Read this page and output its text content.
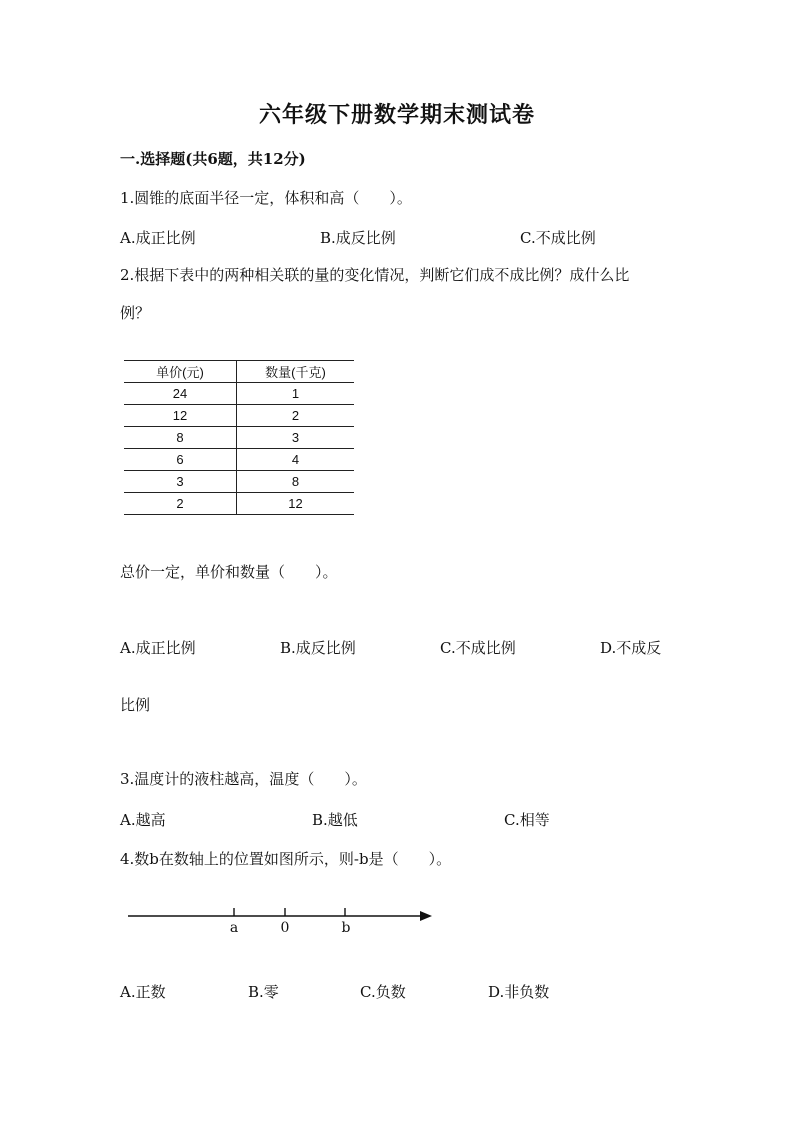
六年级下册数学期末测试卷
一.选择题(共6题，共12分)
1.圆锥的底面半径一定，体积和高（　　）。
A.成正比例	B.成反比例	C.不成比例
2.根据下表中的两种相关联的量的变化情况，判断它们成不成比例？成什么比
例？
单价(元)	数量(千克)
24	1
12	2
8	3
6	4
3	8
2	12
总价一定，单价和数量（　　）。
A.成正比例	B.成反比例	C.不成比例	D.不成反
比例
3.温度计的液柱越高，温度（　　）。
A.越高	B.越低	C.相等
4.数b在数轴上的位置如图所示，则-b是（　　）。
a	0	b
A.正数	B.零	C.负数	D.非负数
